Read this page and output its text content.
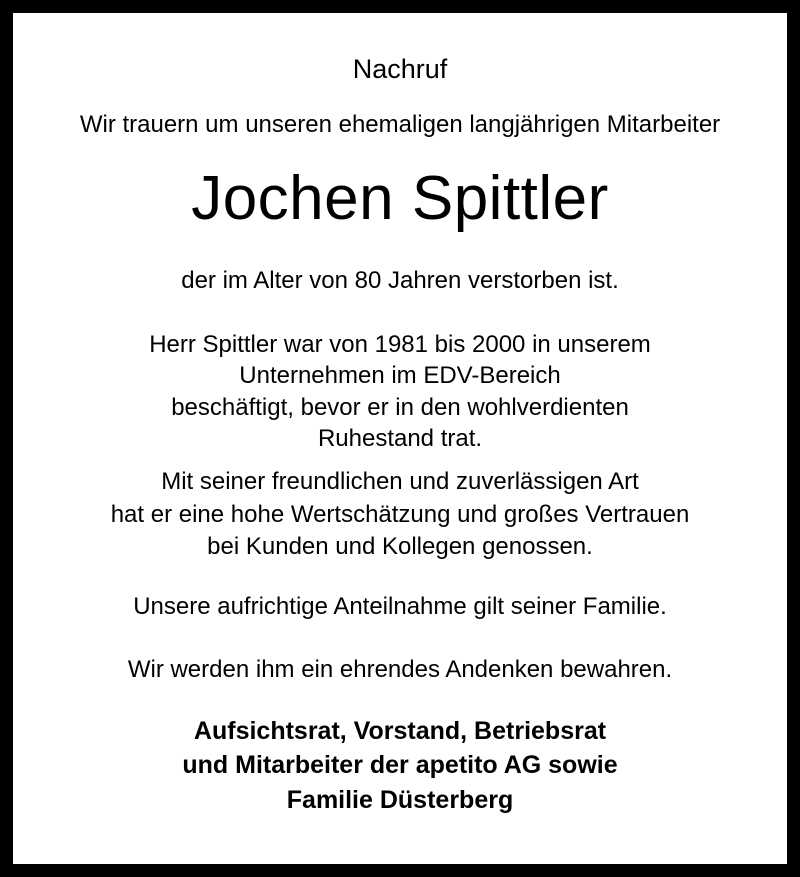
Nachruf
Wir trauern um unseren ehemaligen langjährigen Mitarbeiter
Jochen Spittler
der im Alter von 80 Jahren verstorben ist.
Herr Spittler war von 1981 bis 2000 in unserem
Unternehmen im EDV-Bereich
beschäftigt, bevor er in den wohlverdienten
Ruhestand trat.
Mit seiner freundlichen und zuverlässigen Art
hat er eine hohe Wertschätzung und großes Vertrauen
bei Kunden und Kollegen genossen.
Unsere aufrichtige Anteilnahme gilt seiner Familie.
Wir werden ihm ein ehrendes Andenken bewahren.
Aufsichtsrat, Vorstand, Betriebsrat
und Mitarbeiter der apetito AG sowie
Familie Düsterberg
